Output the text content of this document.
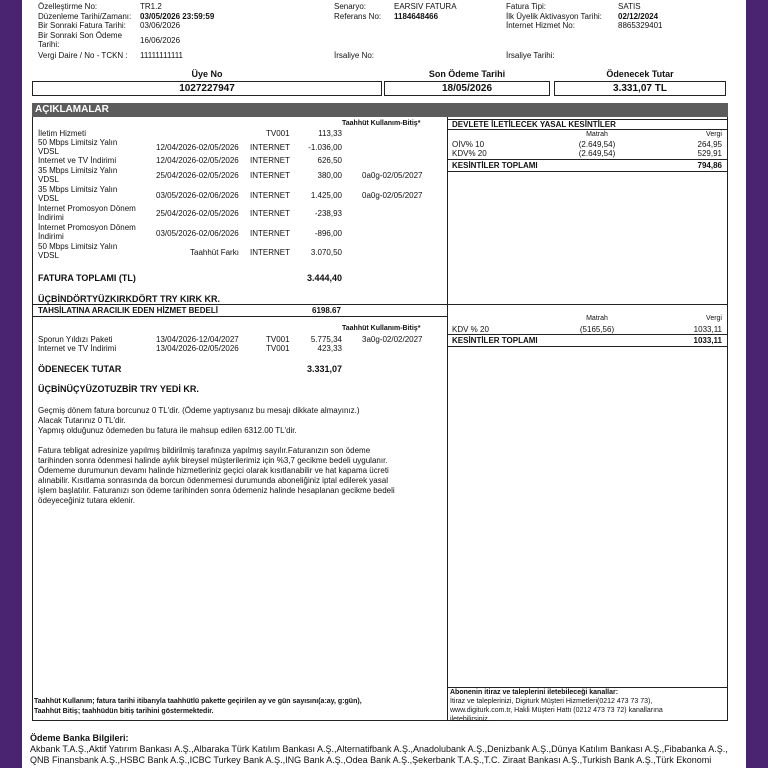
Özelleştirme No:	TR1.2	Senaryo:	EARSIV FATURA	Fatura Tipi:	SATIS
Düzenleme Tarihi/Zamanı: 03/05/2026 23:59:59	Referans No: 1184648466	İlk Üyelik Aktivasyon Tarihi: 02/12/2024
Bir Sonraki Fatura Tarihi: 03/06/2026	İnternet Hizmet No:	8865329401
Bir Sonraki Son Ödeme
Tarihi:	16/06/2026
Vergi Daire / No - TCKN : 11111111111	İrsaliye No:	İrsaliye Tarihi:
Üye No
1027227947
Son Ödeme Tarihi
18/05/2026
Ödenecek Tutar
3.331,07 TL
AÇIKLAMALAR
Taahhüt Kullanım-Bitiş*
İletim Hizmeti	TV001	113,33
50 Mbps Limitsiz Yalın
VDSL	12/04/2026-02/05/2026 INTERNET	-1.036,00
Internet ve TV İndirimi	12/04/2026-02/05/2026 INTERNET	626,50
35 Mbps Limitsiz Yalın
VDSL	25/04/2026-02/05/2026 INTERNET	380,00	0a0g-02/05/2027
35 Mbps Limitsiz Yalın
VDSL	03/05/2026-02/06/2026 INTERNET	1.425,00	0a0g-02/05/2027
İnternet Promosyon Dönem
İndirimi	25/04/2026-02/05/2026 INTERNET	-238,93
İnternet Promosyon Dönem
İndirimi	03/05/2026-02/06/2026 INTERNET	-896,00
50 Mbps Limitsiz Yalın
VDSL	Taahhüt Farkı INTERNET	3.070,50
FATURA TOPLAMI (TL)	3.444,40
ÜÇBİNDÖRTYÜZKIRKDÖRT TRY KIRK KR.
TAHSİLATINA ARACILIK EDEN HİZMET BEDELİ	6198.67
Taahhüt Kullanım-Bitiş*
Sporun Yıldızı Paketi	13/04/2026-12/04/2027	TV001	5.775,34	3a0g-02/02/2027
Internet ve TV İndirimi	13/04/2026-02/05/2026	TV001	423,33
ÖDENECEK TUTAR	3.331,07
ÜÇBİNÜÇYÜZOTUZBİR TRY YEDİ KR.
Geçmiş dönem fatura borcunuz 0 TL'dir. (Ödeme yaptıysanız bu mesajı dikkate almayınız.)
Alacak Tutarınız 0 TL'dir.
Yapmış olduğunuz ödemeden bu fatura ile mahsup edilen 6312.00 TL'dir.
Fatura tebligat adresinize yapılmış bildirilmiş tarafınıza yapılmış sayılır.Faturanızın son ödeme
tarihinden sonra ödenmesi halinde aylık bireysel müşterilerimiz için %3,7 gecikme bedeli uygulanır.
Ödememe durumunun devamı halinde hizmetleriniz geçici olarak kısıtlanabilir ve hat kapama ücreti
alınabilir. Kısıtlama sonrasında da borcun ödenmemesi durumunda aboneliğiniz iptal edilerek yasal
işlem başlatılır. Faturanızı son ödeme tarihinden sonra ödemeniz halinde hesaplanan gecikme bedeli
ödeyeceğiniz tutara eklenir.
Taahhüt Kullanım; fatura tarihi itibarıyla taahhütlü pakette geçirilen ay ve gün sayısını(a:ay, g:gün),
Taahhüt Bitiş; taahhüdün bitiş tarihini göstermektedir.
DEVLETE İLETİLECEK YASAL KESİNTİLER
Matrah	Vergi
OİV% 10	(2.649,54)	264,95
KDV% 20	(2.649,54)	529,91
KESİNTİLER TOPLAMI	794,86
Matrah	Vergi
KDV % 20	(5165,56)	1033,11
KESİNTİLER TOPLAMI	1033,11
Abonenin itiraz ve taleplerini iletebileceği kanallar:
İtiraz ve taleplerinizi, Digiturk Müşteri Hizmetleri(0212 473 73 73),
www.digiturk.com.tr, Hakli Müşteri Hattı (0212 473 73 72) kanallarına
iletebilirsiniz.
Ödeme Banka Bilgileri:
Akbank T.A.Ş.,Aktif Yatırım Bankası A.Ş.,Albaraka Türk Katılım Bankası A.Ş.,Alternatifbank A.Ş.,Anadolubank A.Ş.,Denizbank A.Ş.,Dünya Katılım Bankası A.Ş.,Fibabanka A.Ş.,
QNB Finansbank A.Ş.,HSBC Bank A.Ş.,ICBC Turkey Bank A.Ş.,ING Bank A.Ş.,Odea Bank A.Ş.,Şekerbank T.A.Ş.,T.C. Ziraat Bankası A.Ş.,Turkish Bank A.Ş.,Türk Ekonomi
